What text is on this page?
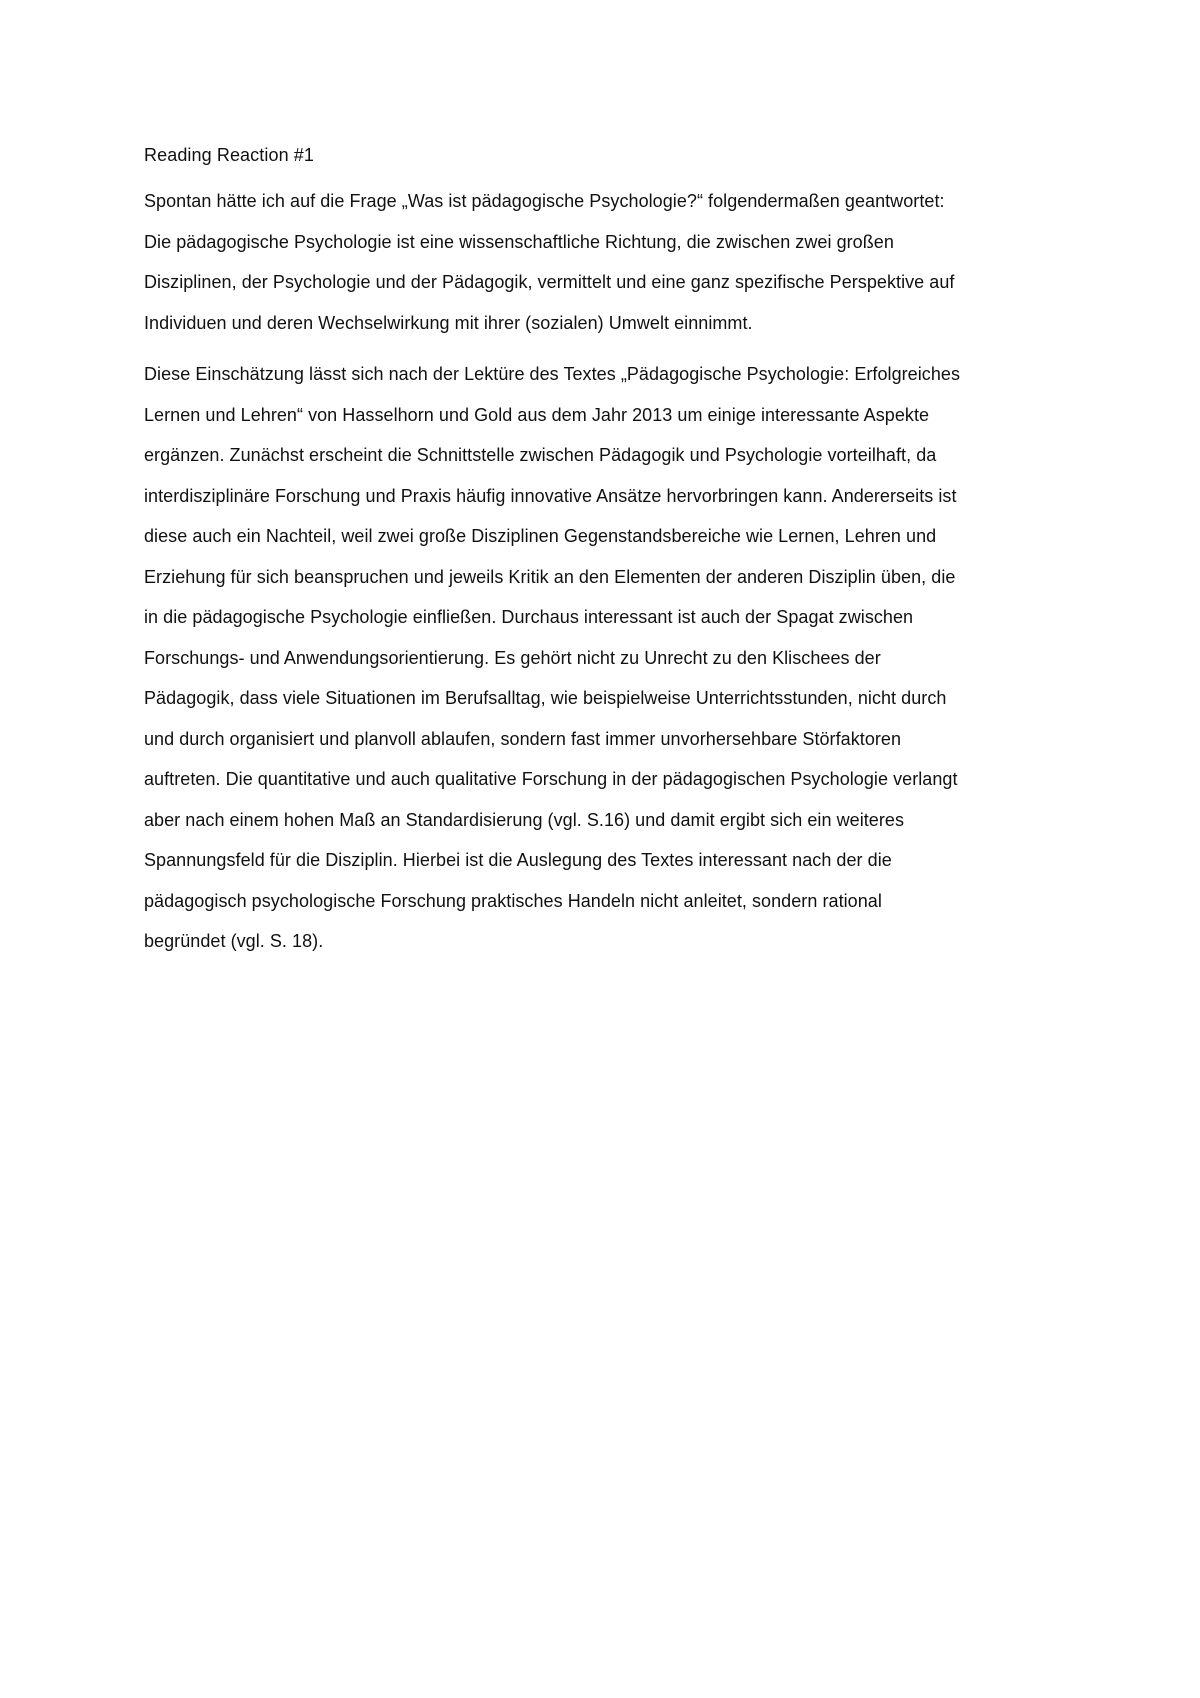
Reading Reaction #1
Spontan hätte ich auf die Frage „Was ist pädagogische Psychologie?“ folgendermaßen geantwortet:
Die pädagogische Psychologie ist eine wissenschaftliche Richtung, die zwischen zwei großen
Disziplinen, der Psychologie und der Pädagogik, vermittelt und eine ganz spezifische Perspektive auf
Individuen und deren Wechselwirkung mit ihrer (sozialen) Umwelt einnimmt.
Diese Einschätzung lässt sich nach der Lektüre des Textes „Pädagogische Psychologie: Erfolgreiches
Lernen und Lehren“ von Hasselhorn und Gold aus dem Jahr 2013 um einige interessante Aspekte
ergänzen. Zunächst erscheint die Schnittstelle zwischen Pädagogik und Psychologie vorteilhaft, da
interdisziplinäre Forschung und Praxis häufig innovative Ansätze hervorbringen kann. Andererseits ist
diese auch ein Nachteil, weil zwei große Disziplinen Gegenstandsbereiche wie Lernen, Lehren und
Erziehung für sich beanspruchen und jeweils Kritik an den Elementen der anderen Disziplin üben, die
in die pädagogische Psychologie einfließen. Durchaus interessant ist auch der Spagat zwischen
Forschungs- und Anwendungsorientierung. Es gehört nicht zu Unrecht zu den Klischees der
Pädagogik, dass viele Situationen im Berufsalltag, wie beispielweise Unterrichtsstunden, nicht durch
und durch organisiert und planvoll ablaufen, sondern fast immer unvorhersehbare Störfaktoren
auftreten. Die quantitative und auch qualitative Forschung in der pädagogischen Psychologie verlangt
aber nach einem hohen Maß an Standardisierung (vgl. S.16) und damit ergibt sich ein weiteres
Spannungsfeld für die Disziplin. Hierbei ist die Auslegung des Textes interessant nach der die
pädagogisch psychologische Forschung praktisches Handeln nicht anleitet, sondern rational
begründet (vgl. S. 18).
